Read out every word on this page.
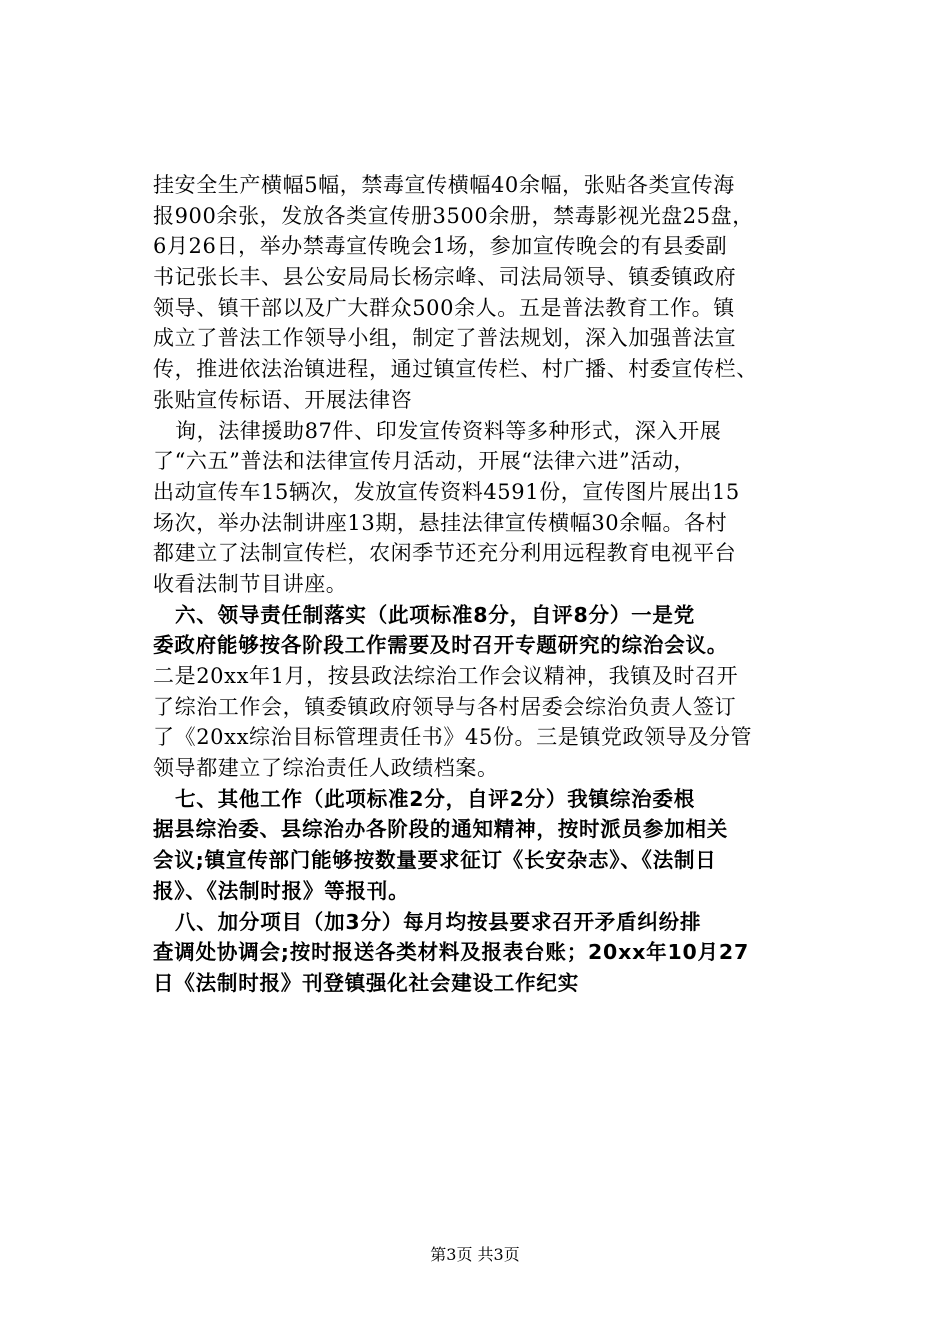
挂安全生产横幅5幅，禁毒宣传横幅40余幅，张贴各类宣传海
报900余张，发放各类宣传册3500余册，禁毒影视光盘25盘，
6月26日，举办禁毒宣传晚会1场，参加宣传晚会的有县委副
书记张长丰、县公安局局长杨宗峰、司法局领导、镇委镇政府
领导、镇干部以及广大群众500余人。五是普法教育工作。镇
成立了普法工作领导小组，制定了普法规划，深入加强普法宣
传，推进依法治镇进程，通过镇宣传栏、村广播、村委宣传栏、
张贴宣传标语、开展法律咨
询，法律援助87件、印发宣传资料等多种形式，深入开展
了“六五”普法和法律宣传月活动，开展“法律六进”活动，
出动宣传车15辆次，发放宣传资料4591份，宣传图片展出15
场次，举办法制讲座13期，悬挂法律宣传横幅30余幅。各村
都建立了法制宣传栏，农闲季节还充分利用远程教育电视平台
收看法制节目讲座。
六、领导责任制落实（此项标准8分，自评8分）一是党
委政府能够按各阶段工作需要及时召开专题研究的综治会议。
二是20xx年1月，按县政法综治工作会议精神，我镇及时召开
了综治工作会，镇委镇政府领导与各村居委会综治负责人签订
了《20xx综治目标管理责任书》45份。三是镇党政领导及分管
领导都建立了综治责任人政绩档案。
七、其他工作（此项标准2分，自评2分）我镇综治委根
据县综治委、县综治办各阶段的通知精神，按时派员参加相关
会议;镇宣传部门能够按数量要求征订《长安杂志》、《法制日
报》、《法制时报》等报刊。
八、加分项目（加3分）每月均按县要求召开矛盾纠纷排
查调处协调会;按时报送各类材料及报表台账；20xx年10月27
日《法制时报》刊登镇强化社会建设工作纪实
第3页 共3页
